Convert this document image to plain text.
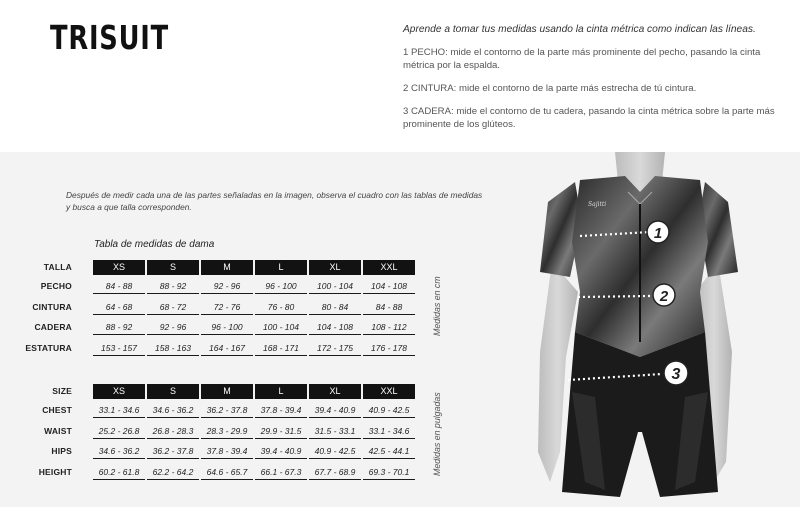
TRISUIT	Aprende a tomar tus medidas usando la cinta métrica como indican las líneas.

1 PECHO: mide el contorno de la parte más prominente del pecho, pasando la cinta métrica por la espalda.

2 CINTURA: mide el contorno de la parte más estrecha de tú cintura.

3 CADERA: mide el contorno de tu cadera, pasando la cinta métrica sobre la parte más prominente de los glúteos.

Después de medir cada una de las partes señaladas en la imagen, observa el cuadro con las tablas de medidas y busca a que talla corresponden.
Tabla de medidas de dama
TALLA	XS	S	M	L	XL	XXL
PECHO	84 - 88	88 - 92	92 - 96	96 - 100	100 - 104	104 - 108
CINTURA	64 - 68	68 - 72	72 - 76	76 - 80	80 - 84	84 - 88
CADERA	88 - 92	92 - 96	96 - 100	100 - 104	104 - 108	108 - 112
ESTATURA	153 - 157	158 - 163	164 - 167	168 - 171	172 - 175	176 - 178
SIZE	XS	S	M	L	XL	XXL
CHEST	33.1 - 34.6	34.6 - 36.2	36.2 - 37.8	37.8 - 39.4	39.4 - 40.9	40.9 - 42.5
WAIST	25.2 - 26.8	26.8 - 28.3	28.3 - 29.9	29.9 - 31.5	31.5 - 33.1	33.1 - 34.6
HIPS	34.6 - 36.2	36.2 - 37.8	37.8 - 39.4	39.4 - 40.9	40.9 - 42.5	42.5 - 44.1
HEIGHT	60.2 - 61.8	62.2 - 64.2	64.6 - 65.7	66.1 - 67.3	67.7 - 68.9	69.3 - 70.1
Medidas en cm
Medidas en pulgadas
Sajitti
1
2
3
